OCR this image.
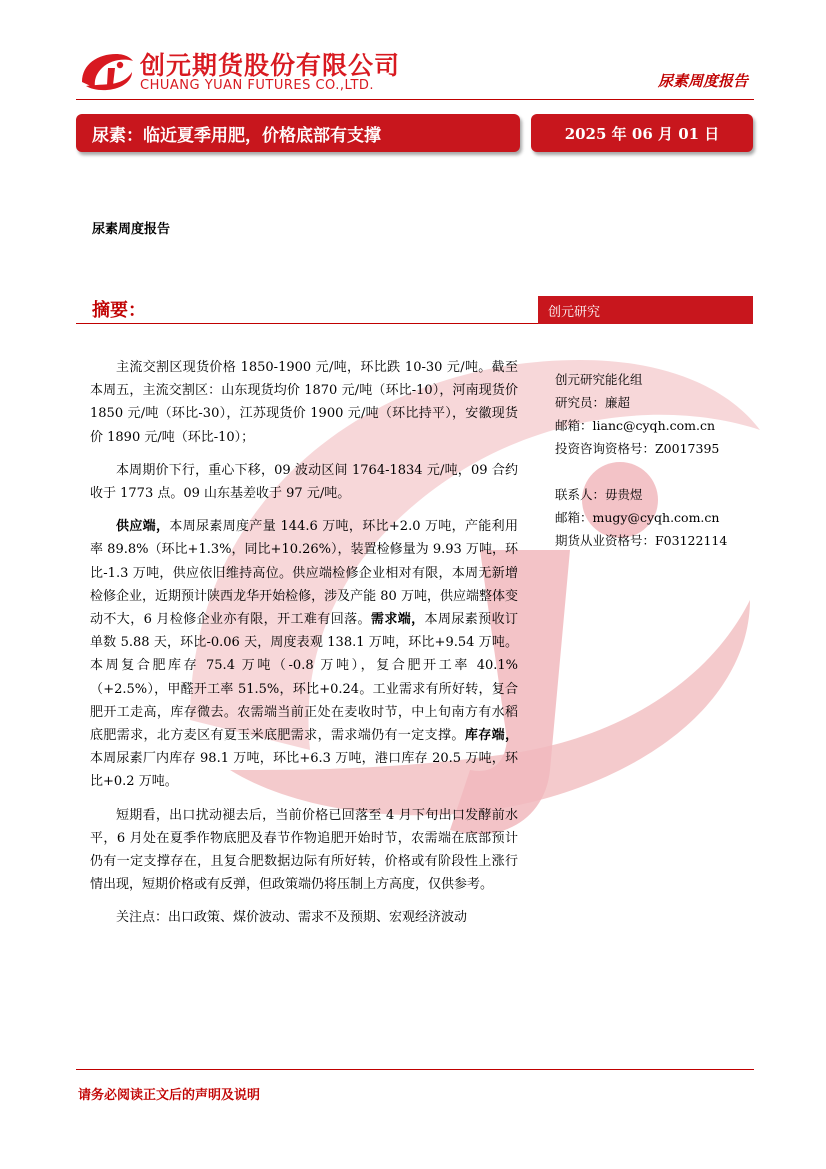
创元期货股份有限公司
CHUANG YUAN FUTURES CO.,LTD.	尿素周度报告
尿素：临近夏季用肥，价格底部有支撑	2025 年 06 月 01 日
尿素周度报告
摘要：	创元研究

主流交割区现货价格 1850-1900 元/吨，环比跌 10-30 元/吨。截至本周五，主流交割区：山东现货均价 1870 元/吨（环比-10），河南现货价 1850 元/吨（环比-30），江苏现货价 1900 元/吨（环比持平），安徽现货价 1890 元/吨（环比-10）；

本周期价下行，重心下移，09 波动区间 1764-1834 元/吨，09 合约收于 1773 点。09 山东基差收于 97 元/吨。

供应端，本周尿素周度产量 144.6 万吨，环比+2.0 万吨，产能利用率 89.8%（环比+1.3%，同比+10.26%），装置检修量为 9.93 万吨，环比-1.3 万吨，供应依旧维持高位。供应端检修企业相对有限，本周无新增检修企业，近期预计陕西龙华开始检修，涉及产能 80 万吨，供应端整体变动不大，6 月检修企业亦有限，开工难有回落。需求端，本周尿素预收订单数 5.88 天，环比-0.06 天，周度表观 138.1 万吨，环比+9.54 万吨。本周复合肥库存 75.4 万吨（-0.8 万吨），复合肥开工率 40.1%（+2.5%），甲醛开工率 51.5%，环比+0.24。工业需求有所好转，复合肥开工走高，库存微去。农需端当前正处在麦收时节，中上旬南方有水稻底肥需求，北方麦区有夏玉米底肥需求，需求端仍有一定支撑。库存端，本周尿素厂内库存 98.1 万吨，环比+6.3 万吨，港口库存 20.5 万吨，环比+0.2 万吨。

短期看，出口扰动褪去后，当前价格已回落至 4 月下旬出口发酵前水平，6 月处在夏季作物底肥及春节作物追肥开始时节，农需端在底部预计仍有一定支撑存在，且复合肥数据边际有所好转，价格或有阶段性上涨行情出现，短期价格或有反弹，但政策端仍将压制上方高度，仅供参考。

关注点：出口政策、煤价波动、需求不及预期、宏观经济波动

创元研究能化组
研究员：廉超
邮箱：lianc@cyqh.com.cn
投资咨询资格号：Z0017395
联系人：毋贵煜
邮箱：mugy@cyqh.com.cn
期货从业资格号：F03122114
请务必阅读正文后的声明及说明
